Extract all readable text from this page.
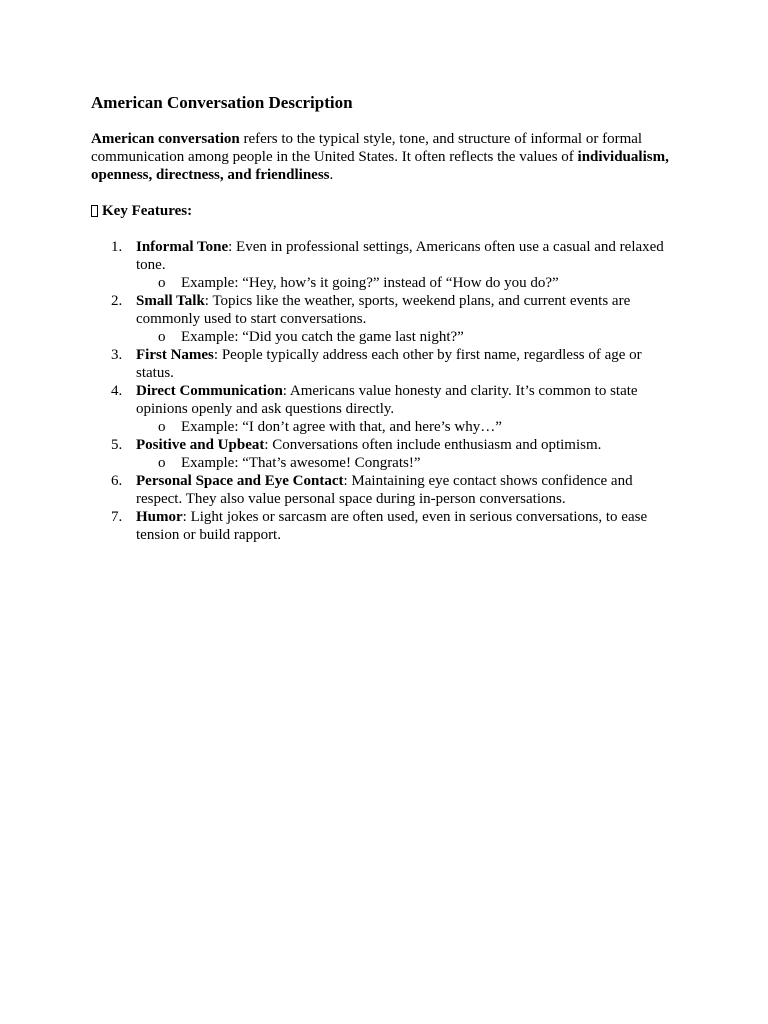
American Conversation Description

American conversation refers to the typical style, tone, and structure of informal or formal communication among people in the United States. It often reflects the values of individualism, openness, directness, and friendliness.

Key Features:
1. Informal Tone: Even in professional settings, Americans often use a casual and relaxed tone.
o Example: “Hey, how’s it going?” instead of “How do you do?”
2. Small Talk: Topics like the weather, sports, weekend plans, and current events are commonly used to start conversations.
o Example: “Did you catch the game last night?”
3. First Names: People typically address each other by first name, regardless of age or status.
4. Direct Communication: Americans value honesty and clarity. It’s common to state opinions openly and ask questions directly.
o Example: “I don’t agree with that, and here’s why…”
5. Positive and Upbeat: Conversations often include enthusiasm and optimism.
o Example: “That’s awesome! Congrats!”
6. Personal Space and Eye Contact: Maintaining eye contact shows confidence and respect. They also value personal space during in-person conversations.
7. Humor: Light jokes or sarcasm are often used, even in serious conversations, to ease tension or build rapport.
